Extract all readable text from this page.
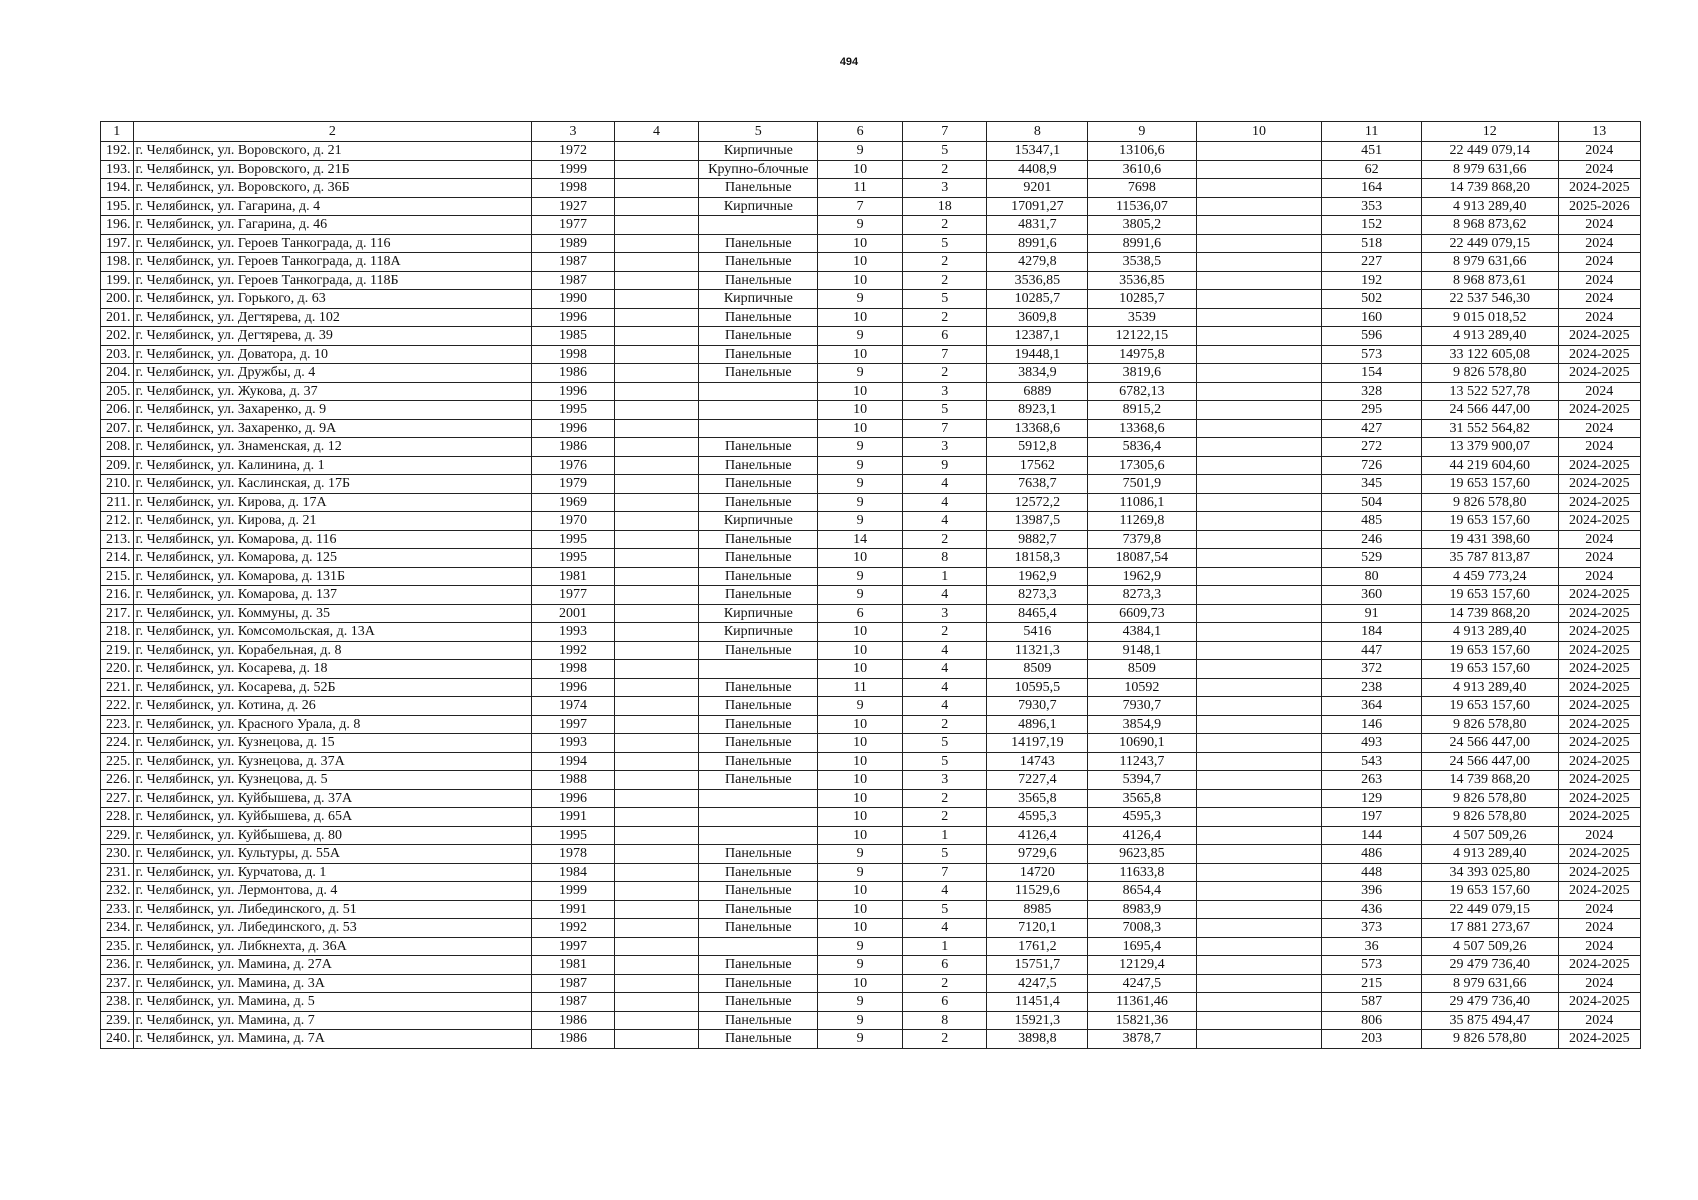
494
1	2	3	4	5	6	7	8	9	10	11	12	13
192.	г. Челябинск, ул. Воровского, д. 21	1972		Кирпичные	9	5	15347,1	13106,6		451	22 449 079,14	2024
193.	г. Челябинск, ул. Воровского, д. 21Б	1999		Крупно-блочные	10	2	4408,9	3610,6		62	8 979 631,66	2024
194.	г. Челябинск, ул. Воровского, д. 36Б	1998		Панельные	11	3	9201	7698		164	14 739 868,20	2024-2025
195.	г. Челябинск, ул. Гагарина, д. 4	1927		Кирпичные	7	18	17091,27	11536,07		353	4 913 289,40	2025-2026
196.	г. Челябинск, ул. Гагарина, д. 46	1977			9	2	4831,7	3805,2		152	8 968 873,62	2024
197.	г. Челябинск, ул. Героев Танкограда, д. 116	1989		Панельные	10	5	8991,6	8991,6		518	22 449 079,15	2024
198.	г. Челябинск, ул. Героев Танкограда, д. 118А	1987		Панельные	10	2	4279,8	3538,5		227	8 979 631,66	2024
199.	г. Челябинск, ул. Героев Танкограда, д. 118Б	1987		Панельные	10	2	3536,85	3536,85		192	8 968 873,61	2024
200.	г. Челябинск, ул. Горького, д. 63	1990		Кирпичные	9	5	10285,7	10285,7		502	22 537 546,30	2024
201.	г. Челябинск, ул. Дегтярева, д. 102	1996		Панельные	10	2	3609,8	3539		160	9 015 018,52	2024
202.	г. Челябинск, ул. Дегтярева, д. 39	1985		Панельные	9	6	12387,1	12122,15		596	4 913 289,40	2024-2025
203.	г. Челябинск, ул. Доватора, д. 10	1998		Панельные	10	7	19448,1	14975,8		573	33 122 605,08	2024-2025
204.	г. Челябинск, ул. Дружбы, д. 4	1986		Панельные	9	2	3834,9	3819,6		154	9 826 578,80	2024-2025
205.	г. Челябинск, ул. Жукова, д. 37	1996			10	3	6889	6782,13		328	13 522 527,78	2024
206.	г. Челябинск, ул. Захаренко, д. 9	1995			10	5	8923,1	8915,2		295	24 566 447,00	2024-2025
207.	г. Челябинск, ул. Захаренко, д. 9А	1996			10	7	13368,6	13368,6		427	31 552 564,82	2024
208.	г. Челябинск, ул. Знаменская, д. 12	1986		Панельные	9	3	5912,8	5836,4		272	13 379 900,07	2024
209.	г. Челябинск, ул. Калинина, д. 1	1976		Панельные	9	9	17562	17305,6		726	44 219 604,60	2024-2025
210.	г. Челябинск, ул. Каслинская, д. 17Б	1979		Панельные	9	4	7638,7	7501,9		345	19 653 157,60	2024-2025
211.	г. Челябинск, ул. Кирова, д. 17А	1969		Панельные	9	4	12572,2	11086,1		504	9 826 578,80	2024-2025
212.	г. Челябинск, ул. Кирова, д. 21	1970		Кирпичные	9	4	13987,5	11269,8		485	19 653 157,60	2024-2025
213.	г. Челябинск, ул. Комарова, д. 116	1995		Панельные	14	2	9882,7	7379,8		246	19 431 398,60	2024
214.	г. Челябинск, ул. Комарова, д. 125	1995		Панельные	10	8	18158,3	18087,54		529	35 787 813,87	2024
215.	г. Челябинск, ул. Комарова, д. 131Б	1981		Панельные	9	1	1962,9	1962,9		80	4 459 773,24	2024
216.	г. Челябинск, ул. Комарова, д. 137	1977		Панельные	9	4	8273,3	8273,3		360	19 653 157,60	2024-2025
217.	г. Челябинск, ул. Коммуны, д. 35	2001		Кирпичные	6	3	8465,4	6609,73		91	14 739 868,20	2024-2025
218.	г. Челябинск, ул. Комсомольская, д. 13А	1993		Кирпичные	10	2	5416	4384,1		184	4 913 289,40	2024-2025
219.	г. Челябинск, ул. Корабельная, д. 8	1992		Панельные	10	4	11321,3	9148,1		447	19 653 157,60	2024-2025
220.	г. Челябинск, ул. Косарева, д. 18	1998			10	4	8509	8509		372	19 653 157,60	2024-2025
221.	г. Челябинск, ул. Косарева, д. 52Б	1996		Панельные	11	4	10595,5	10592		238	4 913 289,40	2024-2025
222.	г. Челябинск, ул. Котина, д. 26	1974		Панельные	9	4	7930,7	7930,7		364	19 653 157,60	2024-2025
223.	г. Челябинск, ул. Красного Урала, д. 8	1997		Панельные	10	2	4896,1	3854,9		146	9 826 578,80	2024-2025
224.	г. Челябинск, ул. Кузнецова, д. 15	1993		Панельные	10	5	14197,19	10690,1		493	24 566 447,00	2024-2025
225.	г. Челябинск, ул. Кузнецова, д. 37А	1994		Панельные	10	5	14743	11243,7		543	24 566 447,00	2024-2025
226.	г. Челябинск, ул. Кузнецова, д. 5	1988		Панельные	10	3	7227,4	5394,7		263	14 739 868,20	2024-2025
227.	г. Челябинск, ул. Куйбышева, д. 37А	1996			10	2	3565,8	3565,8		129	9 826 578,80	2024-2025
228.	г. Челябинск, ул. Куйбышева, д. 65А	1991			10	2	4595,3	4595,3		197	9 826 578,80	2024-2025
229.	г. Челябинск, ул. Куйбышева, д. 80	1995			10	1	4126,4	4126,4		144	4 507 509,26	2024
230.	г. Челябинск, ул. Культуры, д. 55А	1978		Панельные	9	5	9729,6	9623,85		486	4 913 289,40	2024-2025
231.	г. Челябинск, ул. Курчатова, д. 1	1984		Панельные	9	7	14720	11633,8		448	34 393 025,80	2024-2025
232.	г. Челябинск, ул. Лермонтова, д. 4	1999		Панельные	10	4	11529,6	8654,4		396	19 653 157,60	2024-2025
233.	г. Челябинск, ул. Либединского, д. 51	1991		Панельные	10	5	8985	8983,9		436	22 449 079,15	2024
234.	г. Челябинск, ул. Либединского, д. 53	1992		Панельные	10	4	7120,1	7008,3		373	17 881 273,67	2024
235.	г. Челябинск, ул. Либкнехта, д. 36А	1997			9	1	1761,2	1695,4		36	4 507 509,26	2024
236.	г. Челябинск, ул. Мамина, д. 27А	1981		Панельные	9	6	15751,7	12129,4		573	29 479 736,40	2024-2025
237.	г. Челябинск, ул. Мамина, д. 3А	1987		Панельные	10	2	4247,5	4247,5		215	8 979 631,66	2024
238.	г. Челябинск, ул. Мамина, д. 5	1987		Панельные	9	6	11451,4	11361,46		587	29 479 736,40	2024-2025
239.	г. Челябинск, ул. Мамина, д. 7	1986		Панельные	9	8	15921,3	15821,36		806	35 875 494,47	2024
240.	г. Челябинск, ул. Мамина, д. 7А	1986		Панельные	9	2	3898,8	3878,7		203	9 826 578,80	2024-2025
